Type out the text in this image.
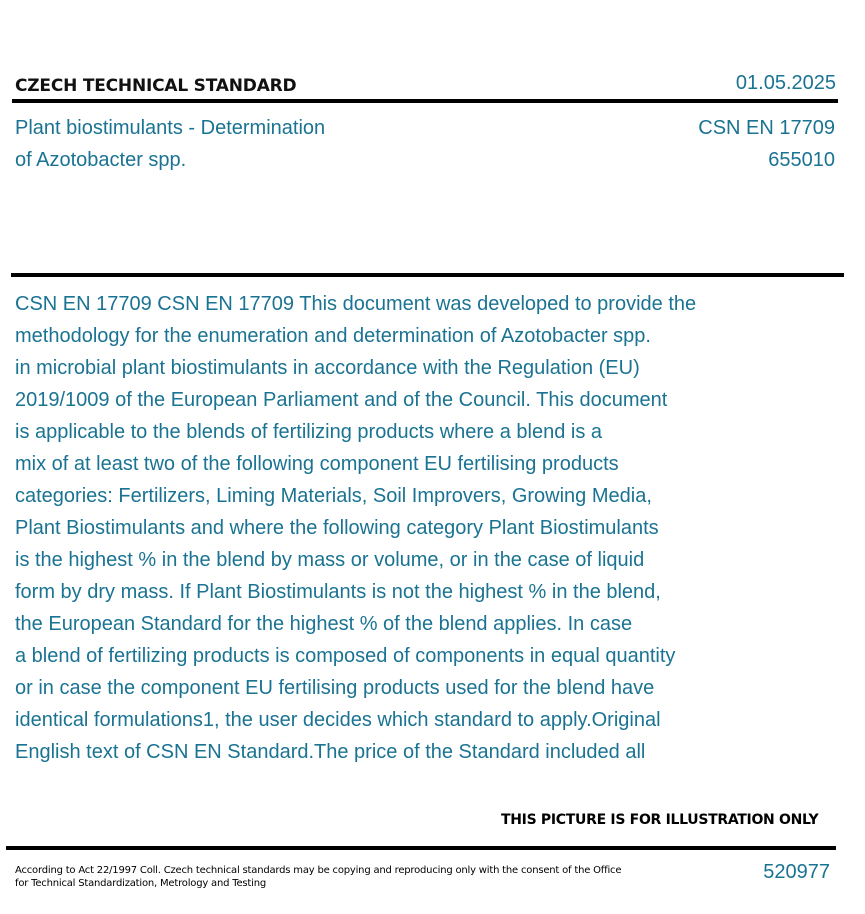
CZECH TECHNICAL STANDARD	01.05.2025
Plant biostimulants - Determination
of Azotobacter spp.
CSN EN 17709
655010
CSN EN 17709 CSN EN 17709 This document was developed to provide the
methodology for the enumeration and determination of Azotobacter spp.
in microbial plant biostimulants in accordance with the Regulation (EU)
2019/1009 of the European Parliament and of the Council. This document
is applicable to the blends of fertilizing products where a blend is a
mix of at least two of the following component EU fertilising products
categories: Fertilizers, Liming Materials, Soil Improvers, Growing Media,
Plant Biostimulants and where the following category Plant Biostimulants
is the highest % in the blend by mass or volume, or in the case of liquid
form by dry mass. If Plant Biostimulants is not the highest % in the blend,
the European Standard for the highest % of the blend applies. In case
a blend of fertilizing products is composed of components in equal quantity
or in case the component EU fertilising products used for the blend have
identical formulations1, the user decides which standard to apply.Original
English text of CSN EN Standard.The price of the Standard included all
THIS PICTURE IS FOR ILLUSTRATION ONLY
According to Act 22/1997 Coll. Czech technical standards may be copying and reproducing only with the consent of the Office
for Technical Standardization, Metrology and Testing
520977
